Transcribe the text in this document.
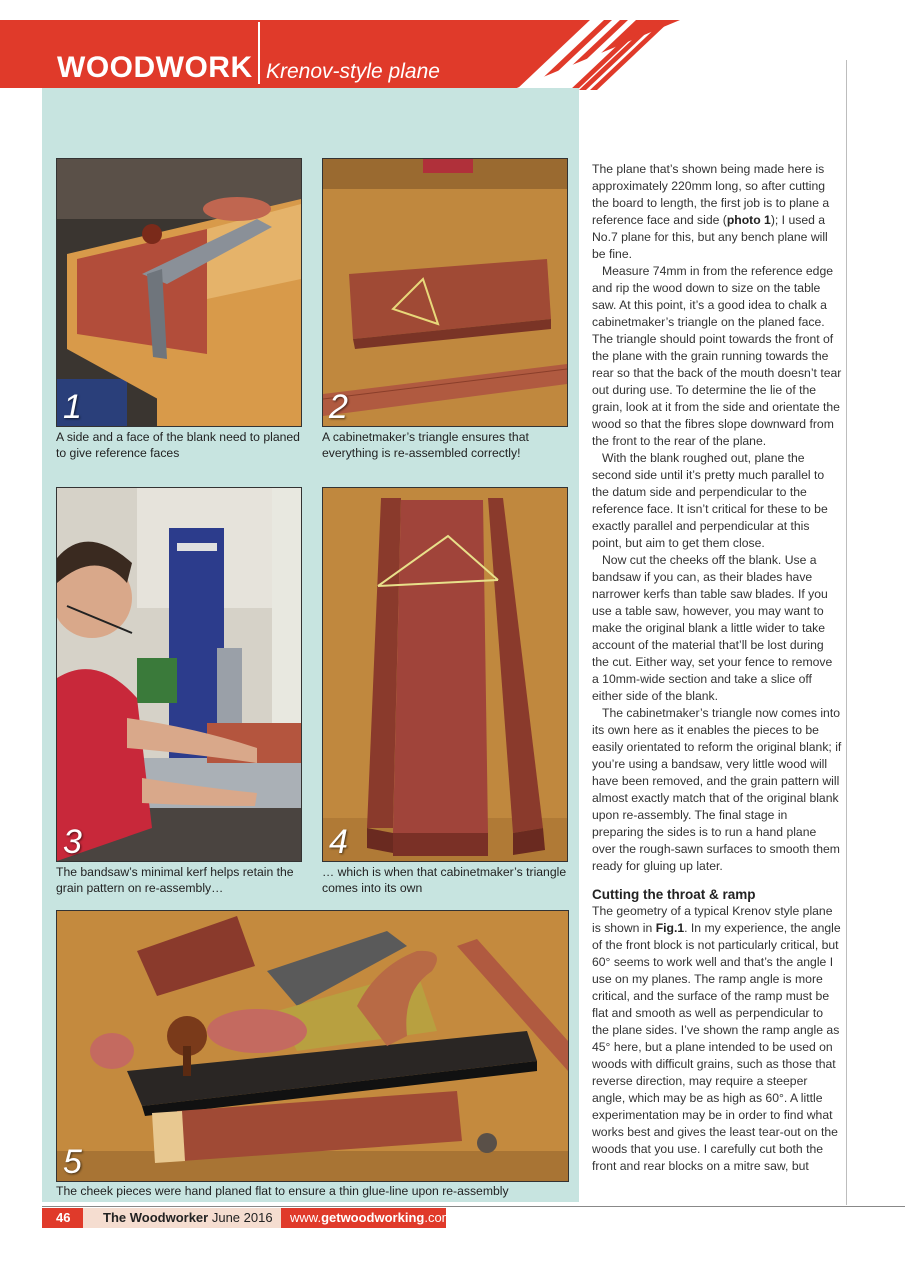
WOODWORK Krenov-style plane
1
A side and a face of the blank need to planed to give reference faces
2
A cabinetmaker’s triangle ensures that everything is re-assembled correctly!
3
The bandsaw’s minimal kerf helps retain the grain pattern on re-assembly…
4
… which is when that cabinetmaker’s triangle comes into its own
5
The cheek pieces were hand planed flat to ensure a thin glue-line upon re-assembly

The plane that’s shown being made here is approximately 220mm long, so after cutting the board to length, the first job is to plane a reference face and side (photo 1); I used a No.7 plane for this, but any bench plane will be fine.

Measure 74mm in from the reference edge and rip the wood down to size on the table saw. At this point, it’s a good idea to chalk a cabinetmaker’s triangle on the planed face. The triangle should point towards the front of the plane with the grain running towards the rear so that the back of the mouth doesn’t tear out during use. To determine the lie of the grain, look at it from the side and orientate the wood so that the fibres slope downward from the front to the rear of the plane.

With the blank roughed out, plane the second side until it’s pretty much parallel to the datum side and perpendicular to the reference face. It isn’t critical for these to be exactly parallel and perpendicular at this point, but aim to get them close.

Now cut the cheeks off the blank. Use a bandsaw if you can, as their blades have narrower kerfs than table saw blades. If you use a table saw, however, you may want to make the original blank a little wider to take account of the material that’ll be lost during the cut. Either way, set your fence to remove a 10mm-wide section and take a slice off either side of the blank.

The cabinetmaker’s triangle now comes into its own here as it enables the pieces to be easily orientated to reform the original blank; if you’re using a bandsaw, very little wood will have been removed, and the grain pattern will almost exactly match that of the original blank upon re-assembly. The final stage in preparing the sides is to run a hand plane over the rough-sawn surfaces to smooth them ready for gluing up later.

Cutting the throat & ramp

The geometry of a typical Krenov style plane is shown in Fig.1. In my experience, the angle of the front block is not particularly critical, but 60° seems to work well and that’s the angle I use on my planes. The ramp angle is more critical, and the surface of the ramp must be flat and smooth as well as perpendicular to the plane sides. I’ve shown the ramp angle as 45° here, but a plane intended to be used on woods with difficult grains, such as those that reverse direction, may require a steeper angle, which may be as high as 60°. A little experimentation may be in order to find what works best and gives the least tear-out on the woods that you use. I carefully cut both the front and rear blocks on a mitre saw, but

46	The Woodworker June 2016	www.getwoodworking.com
